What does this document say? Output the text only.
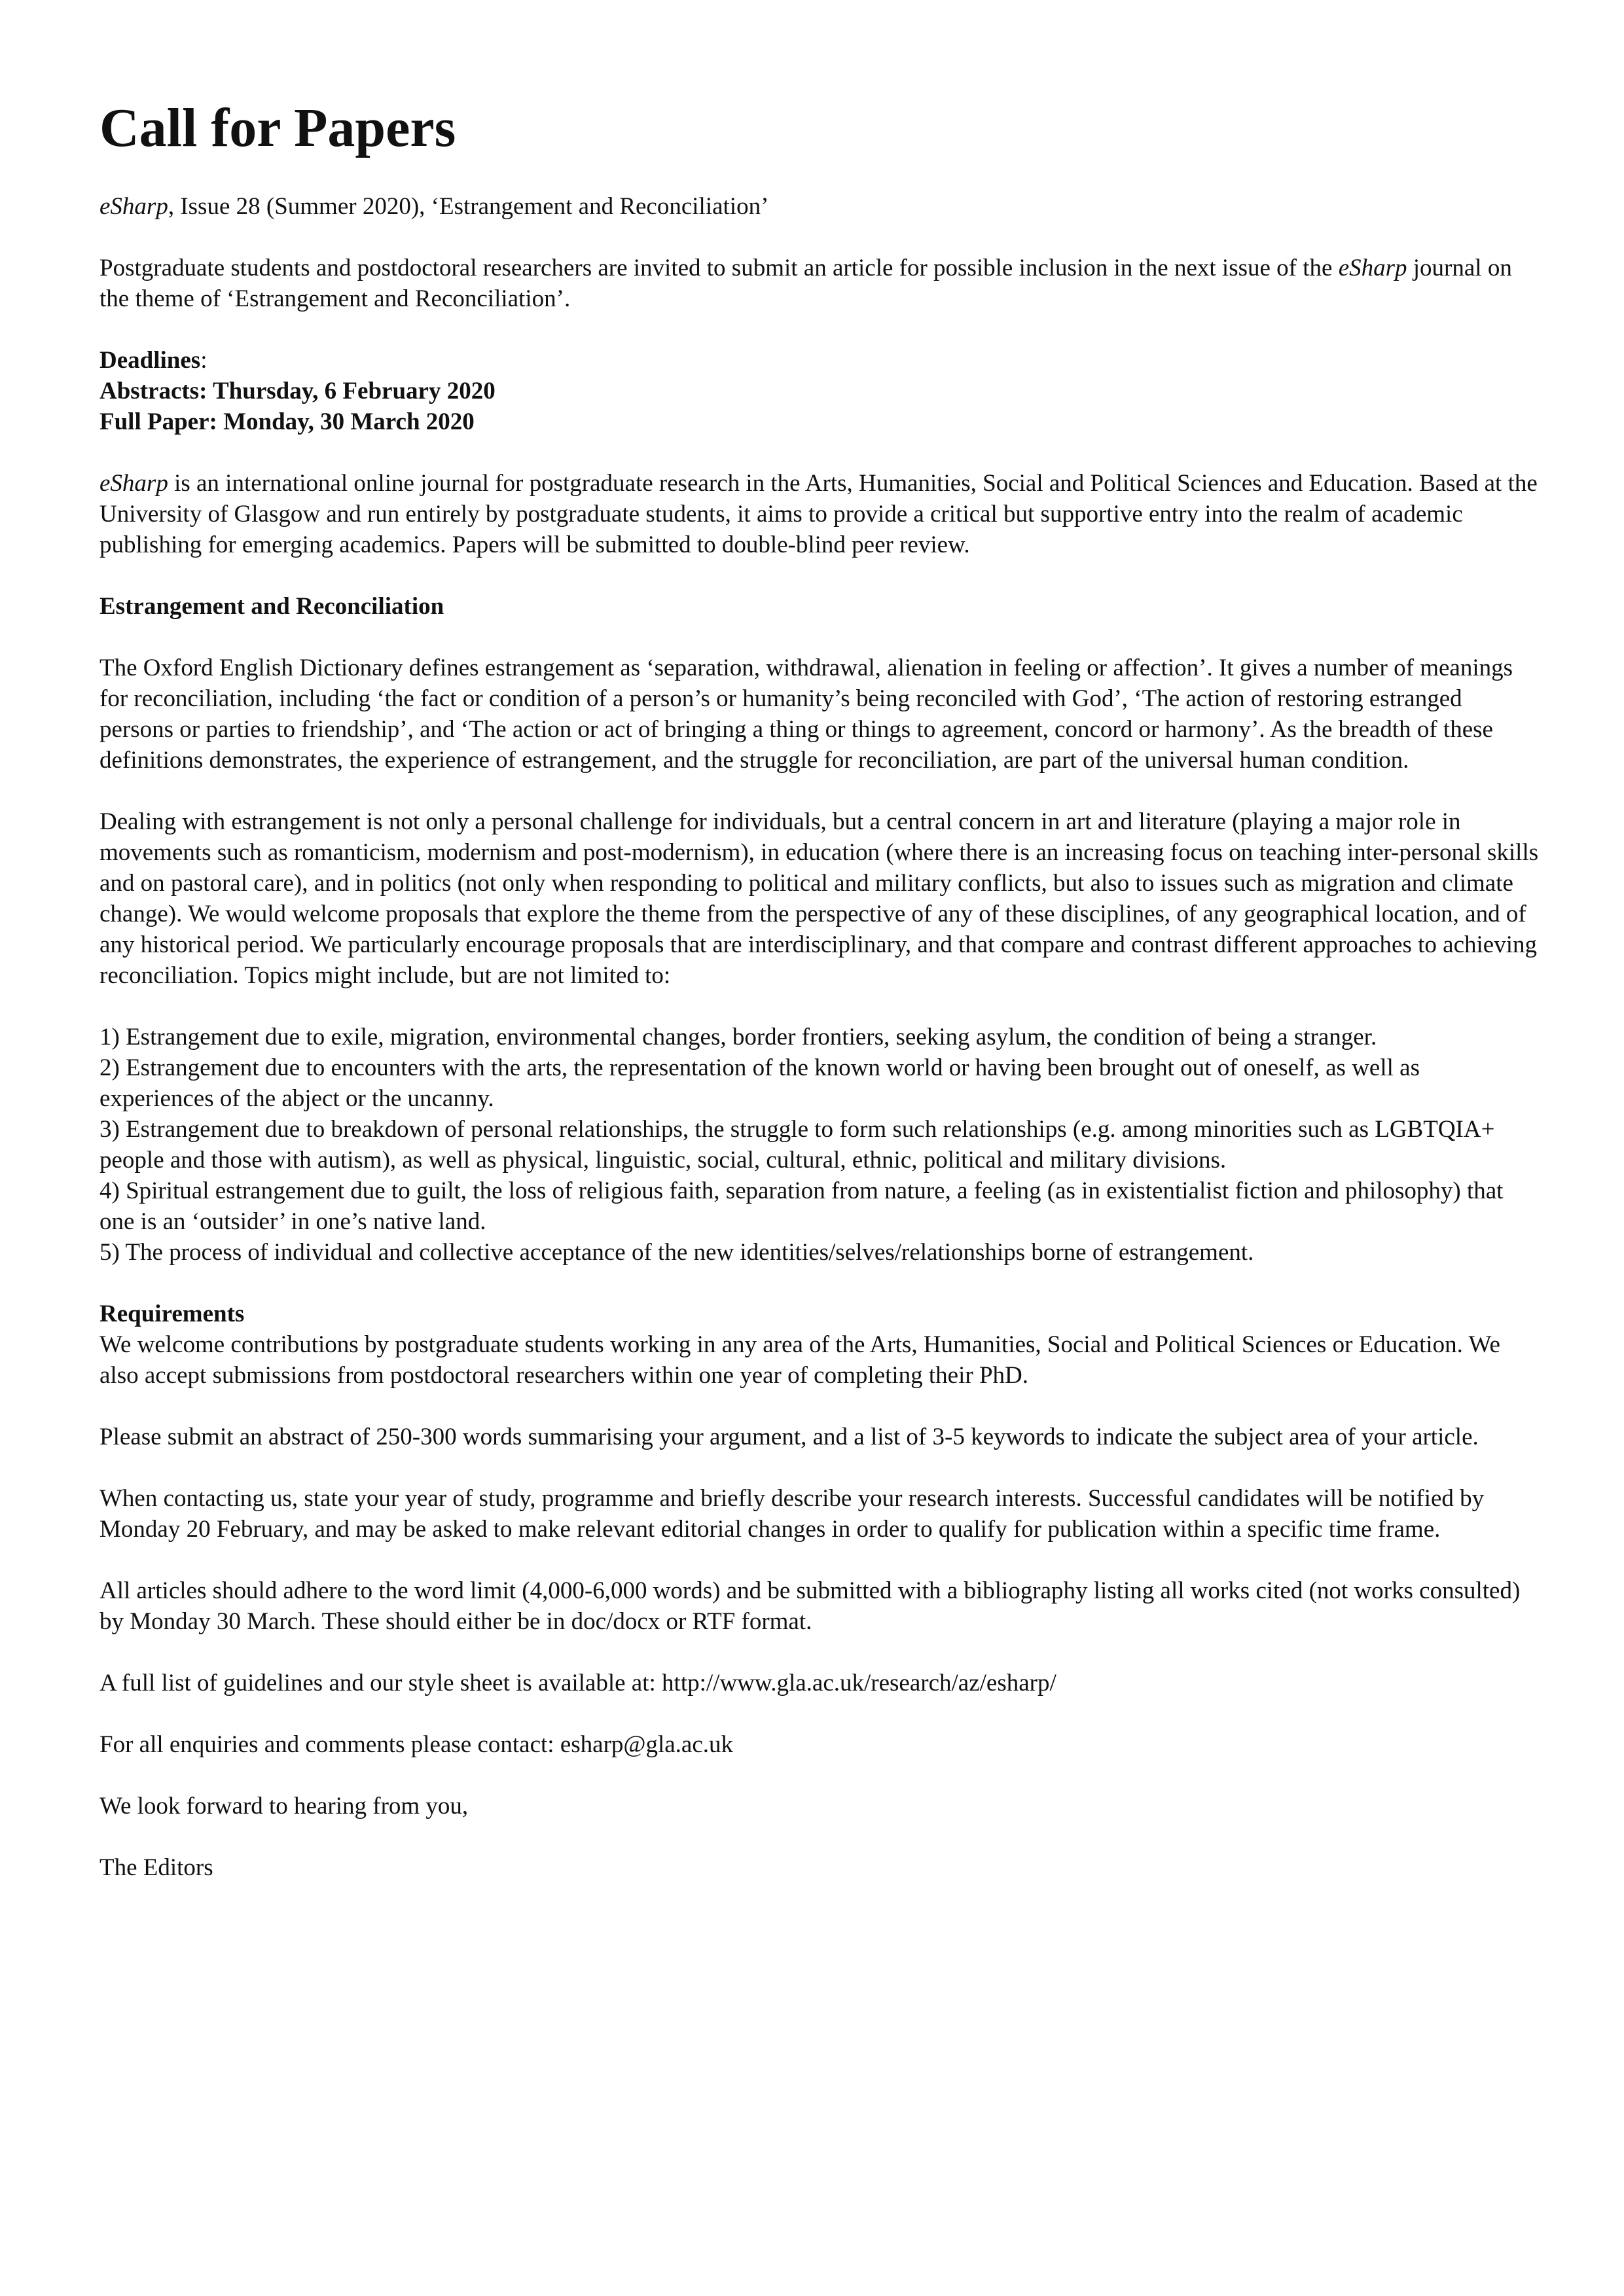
Call for Papers

eSharp, Issue 28 (Summer 2020), ‘Estrangement and Reconciliation’

Postgraduate students and postdoctoral researchers are invited to submit an article for possible inclusion in the next issue of the eSharp journal on the theme of ‘Estrangement and Reconciliation’.

Deadlines:
Abstracts: Thursday, 6 February 2020
Full Paper: Monday, 30 March 2020

eSharp is an international online journal for postgraduate research in the Arts, Humanities, Social and Political Sciences and Education. Based at the University of Glasgow and run entirely by postgraduate students, it aims to provide a critical but supportive entry into the realm of academic publishing for emerging academics. Papers will be submitted to double-blind peer review.

Estrangement and Reconciliation

The Oxford English Dictionary defines estrangement as ‘separation, withdrawal, alienation in feeling or affection’. It gives a number of meanings for reconciliation, including ‘the fact or condition of a person’s or humanity’s being reconciled with God’, ‘The action of restoring estranged persons or parties to friendship’, and ‘The action or act of bringing a thing or things to agreement, concord or harmony’. As the breadth of these definitions demonstrates, the experience of estrangement, and the struggle for reconciliation, are part of the universal human condition.

Dealing with estrangement is not only a personal challenge for individuals, but a central concern in art and literature (playing a major role in movements such as romanticism, modernism and post-modernism), in education (where there is an increasing focus on teaching inter-personal skills and on pastoral care), and in politics (not only when responding to political and military conflicts, but also to issues such as migration and climate change). We would welcome proposals that explore the theme from the perspective of any of these disciplines, of any geographical location, and of any historical period. We particularly encourage proposals that are interdisciplinary, and that compare and contrast different approaches to achieving reconciliation. Topics might include, but are not limited to:

1) Estrangement due to exile, migration, environmental changes, border frontiers, seeking asylum, the condition of being a stranger.

2) Estrangement due to encounters with the arts, the representation of the known world or having been brought out of oneself, as well as experiences of the abject or the uncanny.

3) Estrangement due to breakdown of personal relationships, the struggle to form such relationships (e.g. among minorities such as LGBTQIA+ people and those with autism), as well as physical, linguistic, social, cultural, ethnic, political and military divisions.

4) Spiritual estrangement due to guilt, the loss of religious faith, separation from nature, a feeling (as in existentialist fiction and philosophy) that one is an ‘outsider’ in one’s native land.

5) The process of individual and collective acceptance of the new identities/selves/relationships borne of estrangement.

Requirements
We welcome contributions by postgraduate students working in any area of the Arts, Humanities, Social and Political Sciences or Education. We also accept submissions from postdoctoral researchers within one year of completing their PhD.

Please submit an abstract of 250-300 words summarising your argument, and a list of 3-5 keywords to indicate the subject area of your article.

When contacting us, state your year of study, programme and briefly describe your research interests. Successful candidates will be notified by Monday 20 February, and may be asked to make relevant editorial changes in order to qualify for publication within a specific time frame.

All articles should adhere to the word limit (4,000-6,000 words) and be submitted with a bibliography listing all works cited (not works consulted) by Monday 30 March. These should either be in doc/docx or RTF format.

A full list of guidelines and our style sheet is available at: http://www.gla.ac.uk/research/az/esharp/

For all enquiries and comments please contact: esharp@gla.ac.uk

We look forward to hearing from you,

The Editors
